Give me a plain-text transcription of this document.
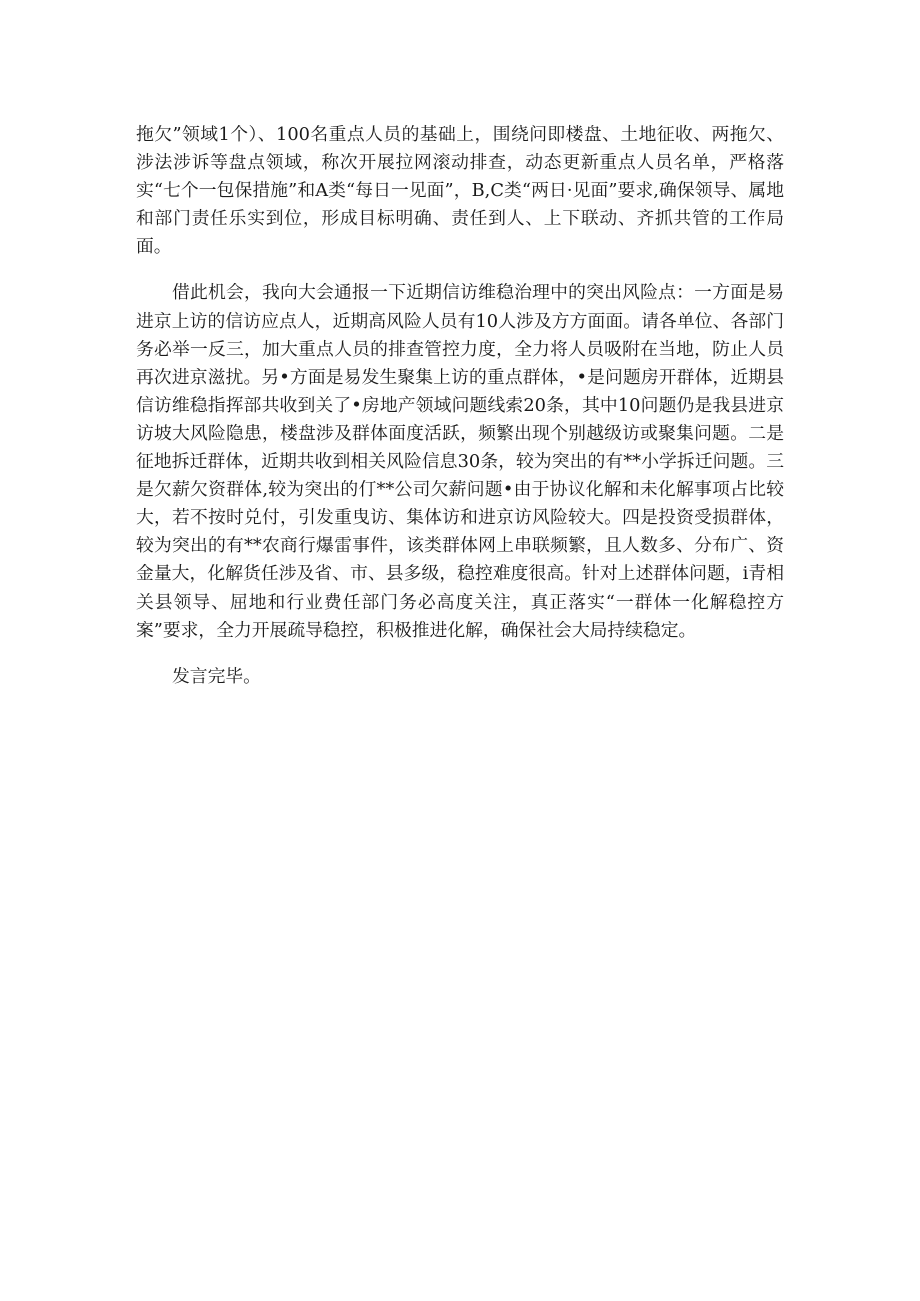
拖欠”领域1个）、100名重点人员的基础上，围绕问即楼盘、土地征收、两拖欠、涉法涉诉等盘点领域，称次开展拉网滚动排查，动态更新重点人员名单，严格落实“七个一包保措施”和A类“每日一见面”，B,C类“两日·见面”要求,确保领导、属地和部门责任乐实到位，形成目标明确、责任到人、上下联动、齐抓共管的工作局面。

借此机会，我向大会通报一下近期信访维稳治理中的突出风险点：一方面是易进京上访的信访应点人，近期高风险人员有10人涉及方方面面。请各单位、各部门务必举一反三，加大重点人员的排查管控力度，全力将人员吸附在当地，防止人员再次进京滋扰。另•方面是易发生聚集上访的重点群体，•是问题房开群体，近期县信访维稳指挥部共收到关了•房地产领域问题线索20条，其中10问题仍是我县进京访坡大风险隐患，楼盘涉及群体面度活跃，频繁出现个别越级访或聚集问题。二是征地拆迁群体，近期共收到相关风险信息30条，较为突出的有**小学拆迁问题。三是欠薪欠资群体,较为突出的仃**公司欠薪问题•由于协议化解和未化解事项占比较大，若不按时兑付，引发重曳访、集体访和进京访风险较大。四是投资受损群体，较为突出的有**农商行爆雷事件，该类群体网上串联频繁，且人数多、分布广、资金量大，化解货任涉及省、市、县多级，稳控难度很高。针对上述群体问题，i青相关县领导、屈地和行业费任部门务必高度关注，真正落实“一群体一化解稳控方案”要求，全力开展疏导稳控，积极推进化解，确保社会大局持续稳定。

发言完毕。
